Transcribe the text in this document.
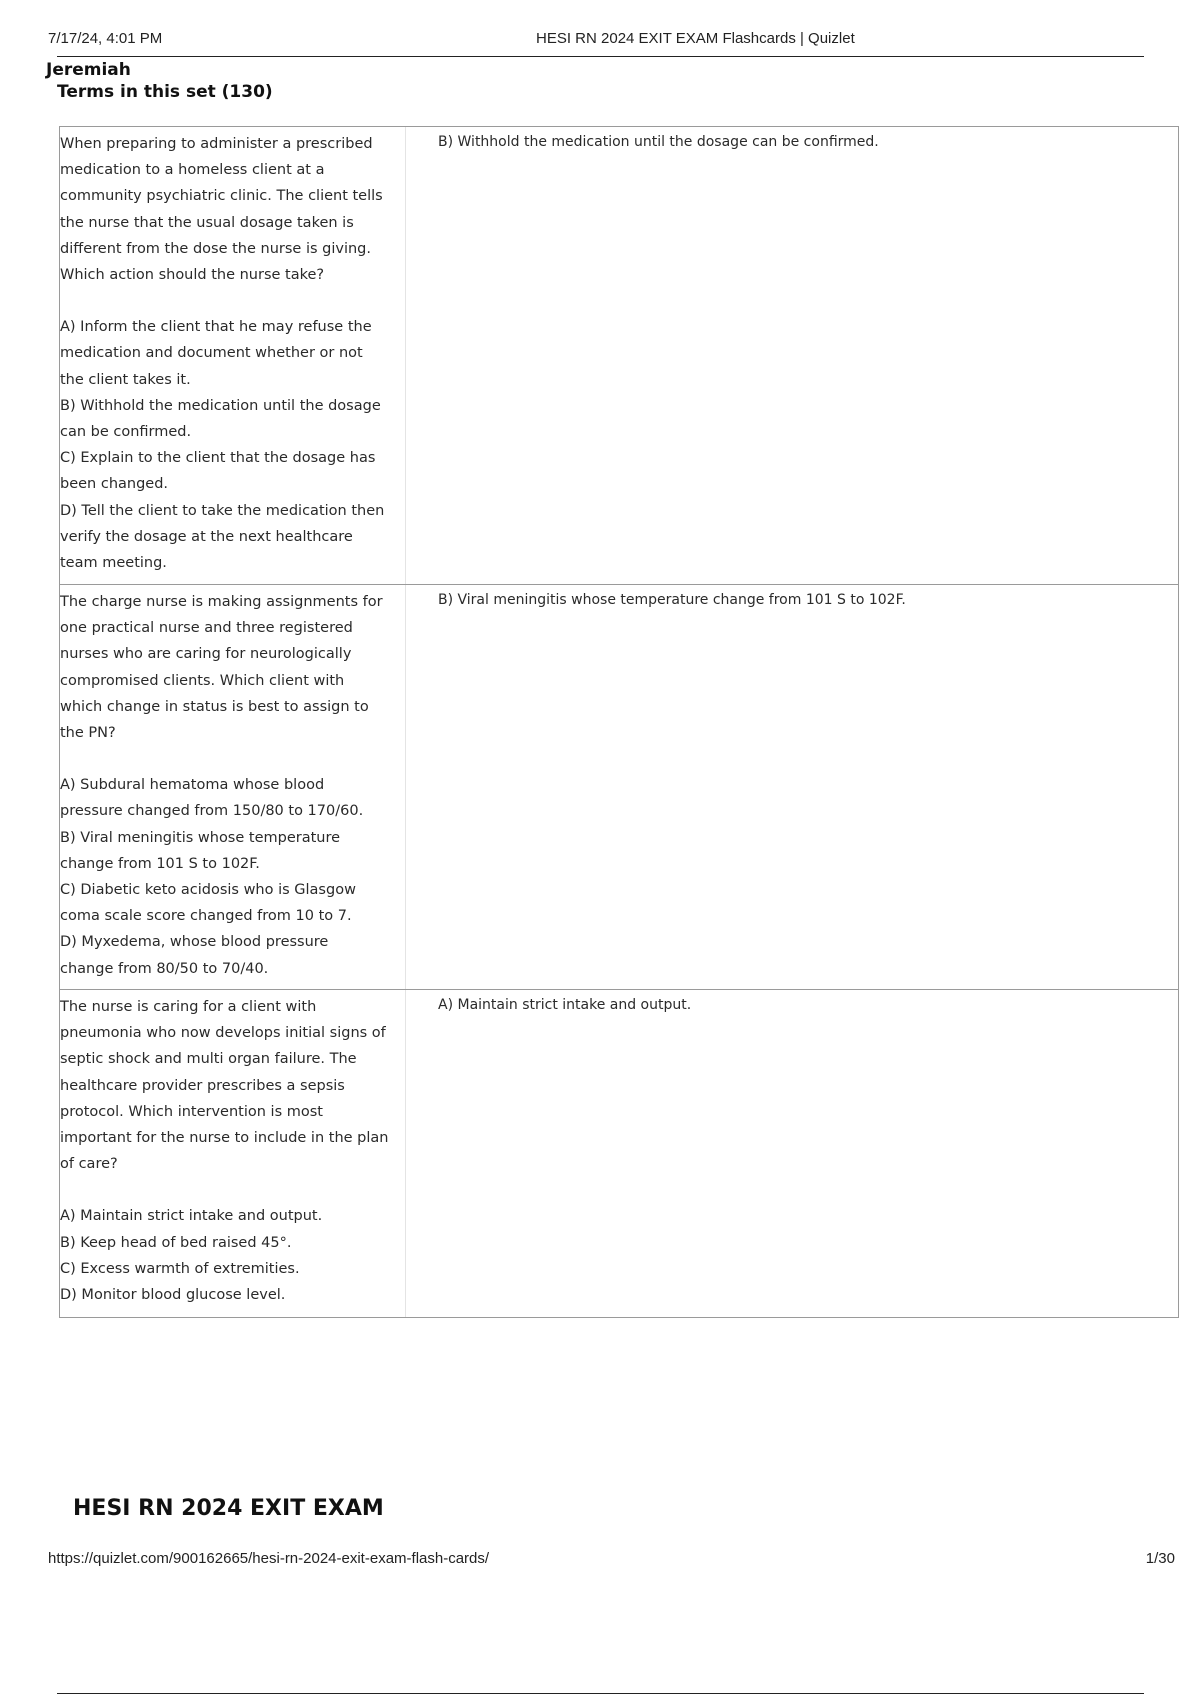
7/17/24, 4:01 PM	HESI RN 2024 EXIT EXAM Flashcards | Quizlet
Jeremiah
Terms in this set (130)

When preparing to administer a prescribed

medication to a homeless client at a

community psychiatric clinic. The client tells

the nurse that the usual dosage taken is

different from the dose the nurse is giving.

Which action should the nurse take?

A) Inform the client that he may refuse the

medication and document whether or not

the client takes it.

B) Withhold the medication until the dosage

can be confirmed.

C) Explain to the client that the dosage has

been changed.

D) Tell the client to take the medication then

verify the dosage at the next healthcare

team meeting.

B) Withhold the medication until the dosage can be confirmed.

The charge nurse is making assignments for

one practical nurse and three registered

nurses who are caring for neurologically

compromised clients. Which client with

which change in status is best to assign to

the PN?

A) Subdural hematoma whose blood

pressure changed from 150/80 to 170/60.

B) Viral meningitis whose temperature

change from 101 S to 102F.

C) Diabetic keto acidosis who is Glasgow

coma scale score changed from 10 to 7.

D) Myxedema, whose blood pressure

change from 80/50 to 70/40.

B) Viral meningitis whose temperature change from 101 S to 102F.

The nurse is caring for a client with

pneumonia who now develops initial signs of

septic shock and multi organ failure. The

healthcare provider prescribes a sepsis

protocol. Which intervention is most

important for the nurse to include in the plan

of care?

A) Maintain strict intake and output.

B) Keep head of bed raised 45°.

C) Excess warmth of extremities.

D) Monitor blood glucose level.

A) Maintain strict intake and output.
HESI RN 2024 EXIT EXAM
https://quizlet.com/900162665/hesi-rn-2024-exit-exam-flash-cards/	1/30
